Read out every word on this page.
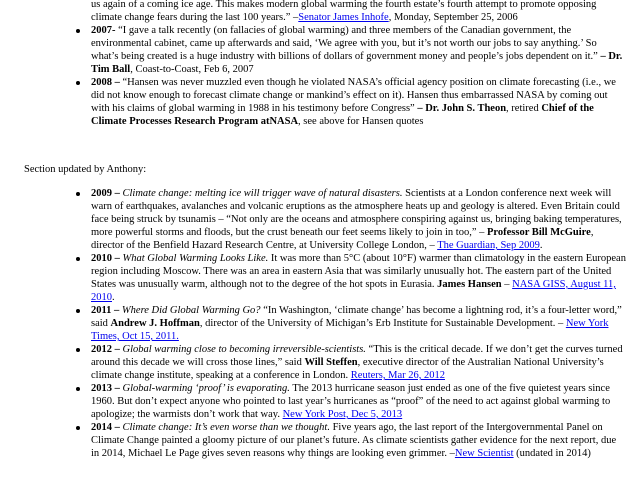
us again of a coming ice age. This makes modern global warming the fourth estate’s fourth attempt to promote opposing climate change fears during the last 100 years.” –Senator James Inhofe, Monday, September 25, 2006
2007- “I gave a talk recently (on fallacies of global warming) and three members of the Canadian government, the environmental cabinet, came up afterwards and said, ‘We agree with you, but it’s not worth our jobs to say anything.’ So what’s being created is a huge industry with billions of dollars of government money and people’s jobs dependent on it.” – Dr. Tim Ball, Coast-to-Coast, Feb 6, 2007
2008 – “Hansen was never muzzled even though he violated NASA’s official agency position on climate forecasting (i.e., we did not know enough to forecast climate change or mankind’s effect on it). Hansen thus embarrassed NASA by coming out with his claims of global warming in 1988 in his testimony before Congress” – Dr. John S. Theon, retired Chief of the Climate Processes Research Program atNASA, see above for Hansen quotes
Section updated by Anthony:
2009 – Climate change: melting ice will trigger wave of natural disasters. Scientists at a London conference next week will warn of earthquakes, avalanches and volcanic eruptions as the atmosphere heats up and geology is altered. Even Britain could face being struck by tsunamis – “Not only are the oceans and atmosphere conspiring against us, bringing baking temperatures, more powerful storms and floods, but the crust beneath our feet seems likely to join in too,” – Professor Bill McGuire, director of the Benfield Hazard Research Centre, at University College London, – The Guardian, Sep 2009.
2010 – What Global Warming Looks Like. It was more than 5°C (about 10°F) warmer than climatology in the eastern European region including Moscow. There was an area in eastern Asia that was similarly unusually hot. The eastern part of the United States was unusually warm, although not to the degree of the hot spots in Eurasia. James Hansen – NASA GISS, August 11, 2010.
2011 – Where Did Global Warming Go? “In Washington, ‘climate change’ has become a lightning rod, it’s a four-letter word,” said Andrew J. Hoffman, director of the University of Michigan’s Erb Institute for Sustainable Development. – New York Times, Oct 15, 2011.
2012 – Global warming close to becoming irreversible-scientists. “This is the critical decade. If we don’t get the curves turned around this decade we will cross those lines,” said Will Steffen, executive director of the Australian National University’s climate change institute, speaking at a conference in London. Reuters, Mar 26, 2012
2013 – Global-warming ‘proof’ is evaporating. The 2013 hurricane season just ended as one of the five quietest years since 1960. But don’t expect anyone who pointed to last year’s hurricanes as “proof” of the need to act against global warming to apologize; the warmists don’t work that way. New York Post, Dec 5, 2013
2014 – Climate change: It’s even worse than we thought. Five years ago, the last report of the Intergovernmental Panel on Climate Change painted a gloomy picture of our planet’s future. As climate scientists gather evidence for the next report, due in 2014, Michael Le Page gives seven reasons why things are looking even grimmer. –New Scientist (undated in 2014)
